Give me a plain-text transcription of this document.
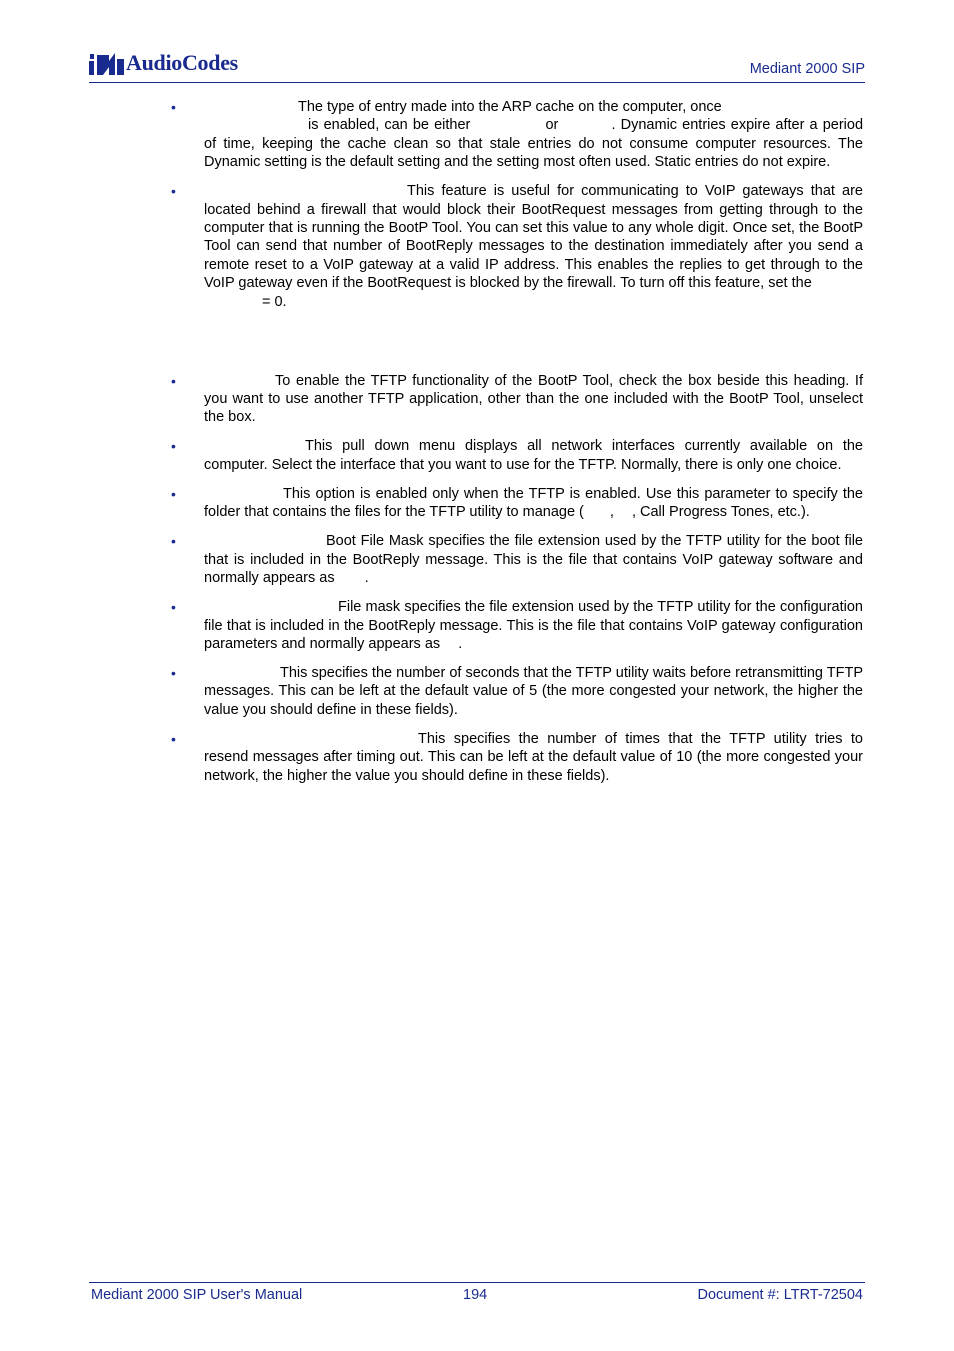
AudioCodes	Mediant 2000 SIP
•	The type of entry made into the ARP cache on the computer, once
is enabled, can be either	or	. Dynamic entries expire after a period of time, keeping the cache clean so that stale entries do not consume computer resources. The Dynamic setting is the default setting and the setting most often used. Static entries do not expire.
•	This feature is useful for communicating to VoIP gateways that are located behind a firewall that would block their BootRequest messages from getting through to the computer that is running the BootP Tool. You can set this value to any whole digit. Once set, the BootP Tool can send that number of BootReply messages to the destination immediately after you send a remote reset to a VoIP gateway at a valid IP address. This enables the replies to get through to the VoIP gateway even if the BootRequest is blocked by the firewall. To turn off this feature, set the
= 0.
•	To enable the TFTP functionality of the BootP Tool, check the box beside this heading. If you want to use another TFTP application, other than the one included with the BootP Tool, unselect the box.
•	This pull down menu displays all network interfaces currently available on the computer. Select the interface that you want to use for the TFTP. Normally, there is only one choice.
•	This option is enabled only when the TFTP is enabled. Use this parameter to specify the folder that contains the files for the TFTP utility to manage ( , , Call Progress Tones, etc.).
•	Boot File Mask specifies the file extension used by the TFTP utility for the boot file that is included in the BootReply message. This is the file that contains VoIP gateway software and normally appears as .
•	File mask specifies the file extension used by the TFTP utility for the configuration file that is included in the BootReply message. This is the file that contains VoIP gateway configuration parameters and normally appears as .
•	This specifies the number of seconds that the TFTP utility waits before retransmitting TFTP messages. This can be left at the default value of 5 (the more congested your network, the higher the value you should define in these fields).
•	This specifies the number of times that the TFTP utility tries to resend messages after timing out. This can be left at the default value of 10 (the more congested your network, the higher the value you should define in these fields).
Mediant 2000 SIP User's Manual	194	Document #: LTRT-72504
